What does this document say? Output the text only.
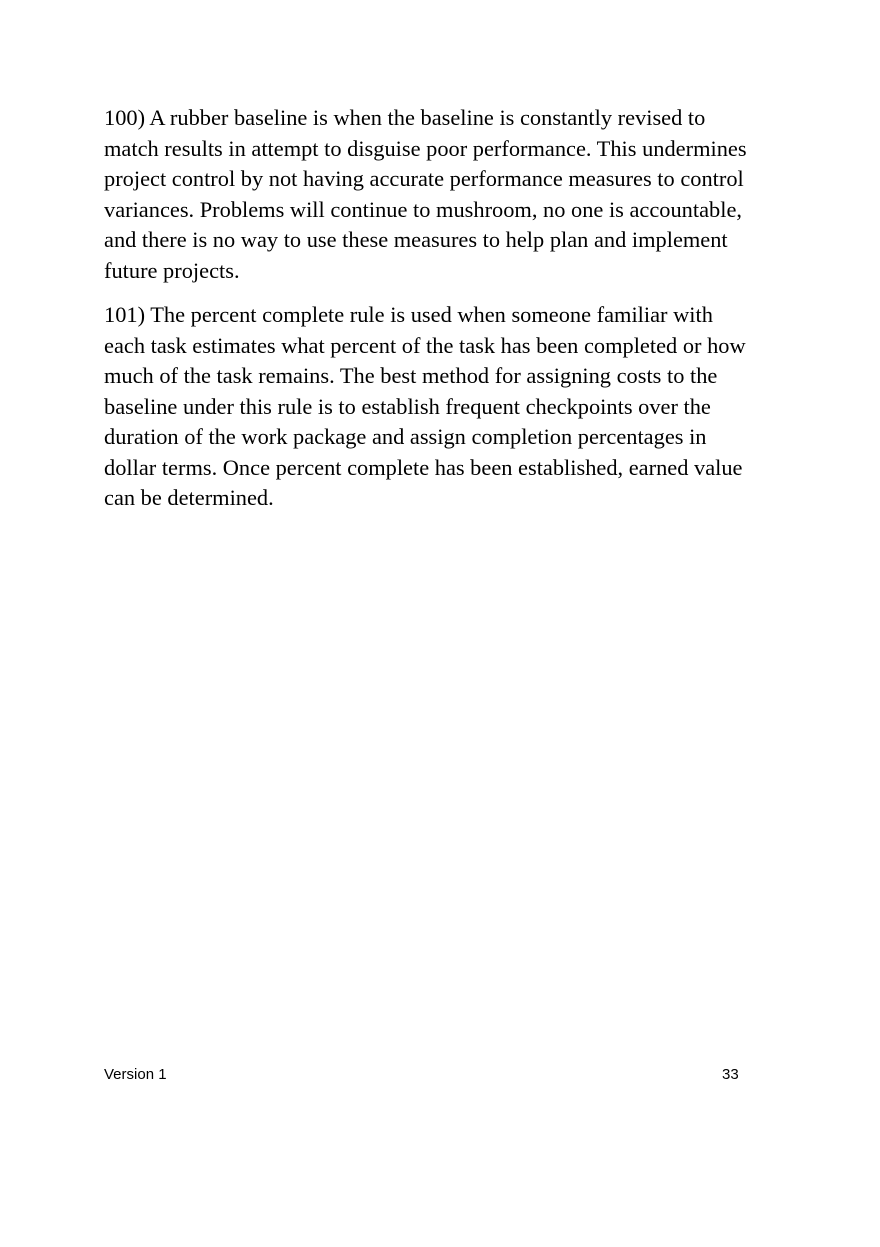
100) A rubber baseline is when the baseline is constantly revised to
match results in attempt to disguise poor performance. This undermines
project control by not having accurate performance measures to control
variances. Problems will continue to mushroom, no one is accountable,
and there is no way to use these measures to help plan and implement
future projects.

101) The percent complete rule is used when someone familiar with
each task estimates what percent of the task has been completed or how
much of the task remains. The best method for assigning costs to the
baseline under this rule is to establish frequent checkpoints over the
duration of the work package and assign completion percentages in
dollar terms. Once percent complete has been established, earned value
can be determined.

Version 1	33
